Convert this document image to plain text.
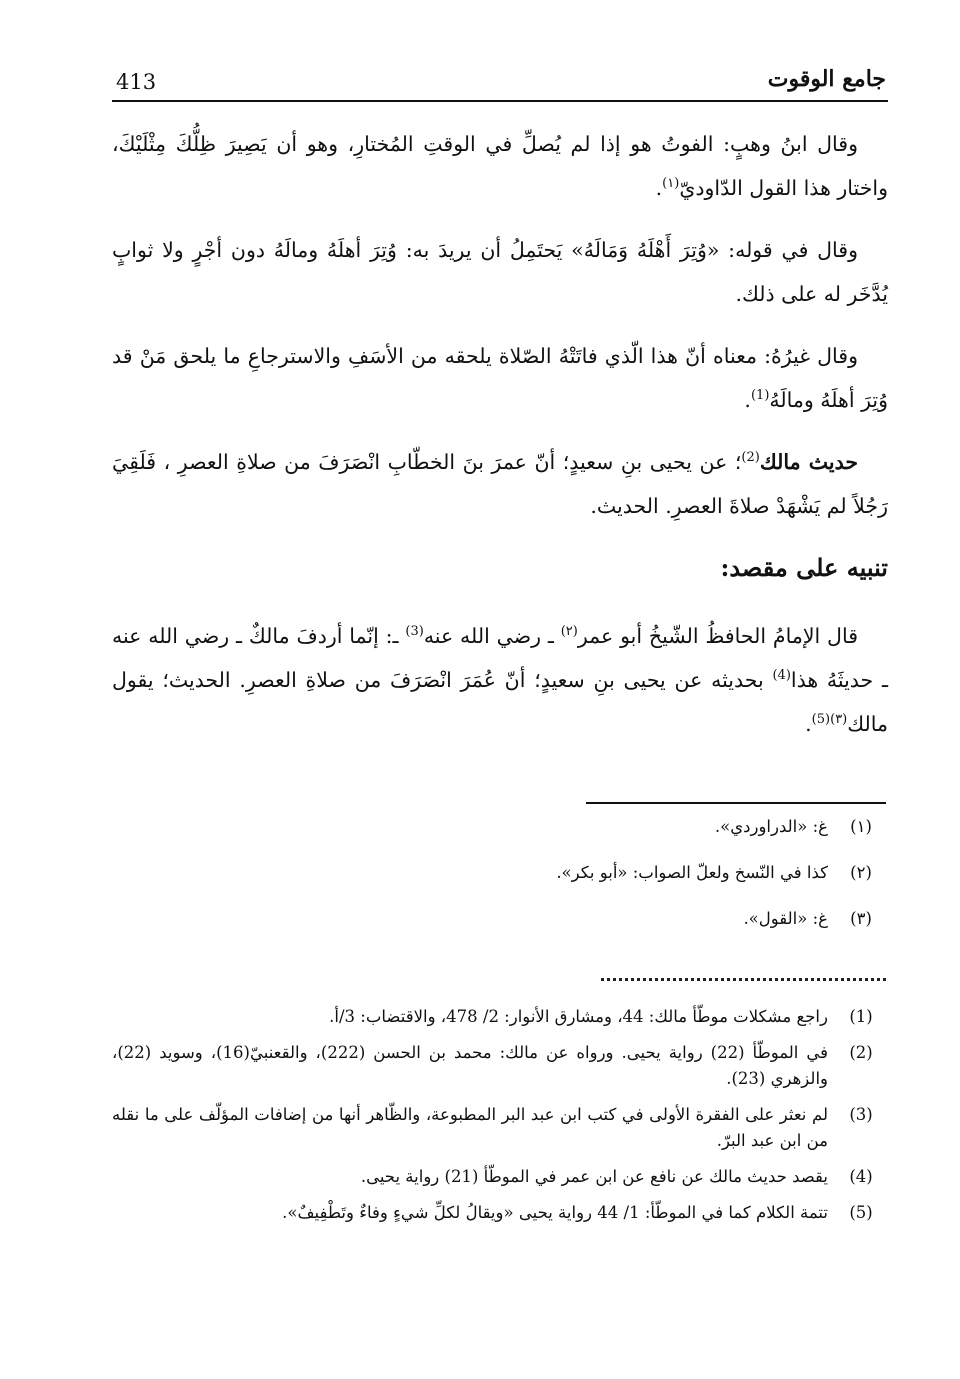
413	جامع الوقوت

وقال ابنُ وهبٍ: الفوتُ هو إذا لم يُصلِّ في الوقتِ المُختارِ، وهو أن يَصِيرَ ظِلُّكَ مِثْلَيْكَ، واختار هذا القول الدّاوديّ$^{(١)}$.

وقال في قوله: «وُتِرَ أَهْلَهُ وَمَالَهُ» يَحتَمِلُ أن يريدَ به: وُتِرَ أهلَهُ ومالَهُ دون أجْرٍ ولا ثوابٍ يُدَّخَر له على ذلك.

وقال غيرُهُ: معناه أنّ هذا الّذي فاتَتْهُ الصّلاة يلحقه من الأسَفِ والاسترجاعِ ما يلحق مَنْ قد وُتِرَ أهلَهُ ومالَهُ$^{(1)}$.

حديث مالك$^{(2)}$؛ عن يحيى بنِ سعيدٍ؛ أنّ عمرَ بنَ الخطّابِ انْصَرَفَ من صلاةِ العصرِ ، فَلَقِيَ رَجُلاً لم يَشْهَدْ صلاةَ العصرِ. الحديث.

تنبيه على مقصد:

قال الإمامُ الحافظُ الشّيخُ أبو عمر$^{(٢)}$ ـ رضي الله عنه$^{(3)}$ ـ: إنّما أردفَ مالكٌ ـ رضي الله عنه ـ حديثَهُ هذا$^{(4)}$ بحديثه عن يحيى بنِ سعيدٍ؛ أنّ عُمَرَ انْصَرَفَ من صلاةِ العصرِ. الحديث؛ يقول مالك$^{(٣)(5)}$.

(١)
غ: «الدراوردي».
(٢)
كذا في النّسخ ولعلّ الصواب: «أبو بكر».
(٣)
غ: «القول».
(1)
راجع مشكلات موطّأ مالك: 44، ومشارق الأنوار: 2/ 478، والاقتضاب: 3/أ.
(2)
في الموطّأ (22) رواية يحيى. ورواه عن مالك: محمد بن الحسن (222)، والقعنبيّ(16)، وسويد (22)، والزهري (23).
(3)
لم نعثر على الفقرة الأولى في كتب ابن عبد البر المطبوعة، والظّاهر أنها من إضافات المؤلّف على ما نقله من ابن عبد البرّ.
(4)
يقصد حديث مالك عن نافع عن ابن عمر في الموطّأ (21) رواية يحيى.
(5)
تتمة الكلام كما في الموطّأ: 1/ 44 رواية يحيى «ويقالُ لكلِّ شيءٍ وفاءٌ وتَطْفِيفٌ».
